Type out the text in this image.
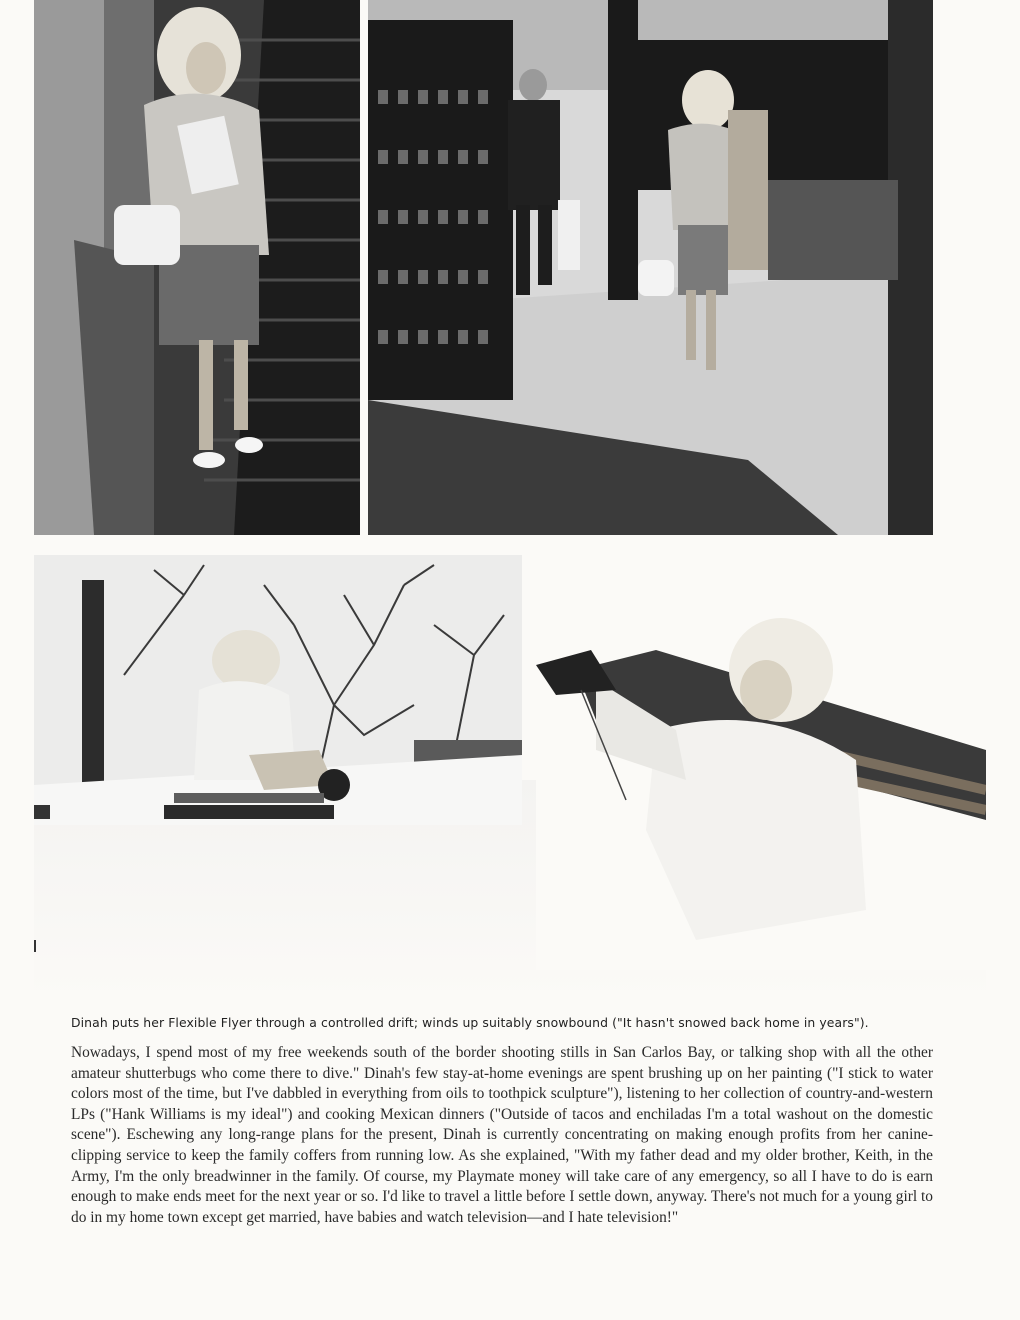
Dinah puts her Flexible Flyer through a controlled drift; winds up suitably snowbound ("It hasn't snowed back home in years").

Nowadays, I spend most of my free weekends south of the border shooting stills in San Carlos Bay, or talking shop with all the other amateur shutterbugs who come there to dive." Dinah's few stay-at-home evenings are spent brushing up on her painting ("I stick to water colors most of the time, but I've dabbled in everything from oils to toothpick sculpture"), listening to her collection of country-and-western LPs ("Hank Williams is my ideal") and cooking Mexican dinners ("Outside of tacos and enchiladas I'm a total washout on the domestic scene"). Eschewing any long-range plans for the present, Dinah is currently concentrating on making enough profits from her canine-clipping service to keep the family coffers from running low. As she explained, "With my father dead and my older brother, Keith, in the Army, I'm the only breadwinner in the family. Of course, my Playmate money will take care of any emergency, so all I have to do is earn enough to make ends meet for the next year or so. I'd like to travel a little before I settle down, anyway. There's not much for a young girl to do in my home town except get married, have babies and watch television—and I hate television!"
